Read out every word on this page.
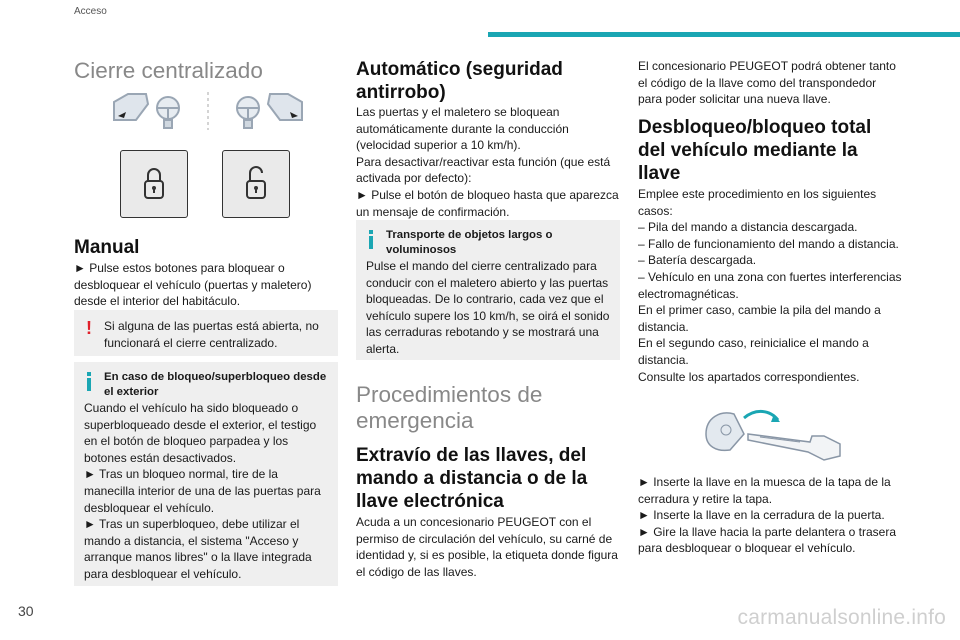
Acceso
Cierre centralizado
Manual

► Pulse estos botones para bloquear o desbloquear el vehículo (puertas y maletero) desde el interior del habitáculo.

!	Si alguna de las puertas está abierta, no funcionará el cierre centralizado.

En caso de bloqueo/superbloqueo desde el exterior

Cuando el vehículo ha sido bloqueado o superbloqueado desde el exterior, el testigo en el botón de bloqueo parpadea y los botones están desactivados.
► Tras un bloqueo normal, tire de la manecilla interior de una de las puertas para desbloquear el vehículo.
► Tras un superbloqueo, debe utilizar el mando a distancia, el sistema "Acceso y arranque manos libres" o la llave integrada para desbloquear el vehículo.

Automático (seguridad antirrobo)

Las puertas y el maletero se bloquean automáticamente durante la conducción (velocidad superior a 10 km/h).
Para desactivar/reactivar esta función (que está activada por defecto):
► Pulse el botón de bloqueo hasta que aparezca un mensaje de confirmación.

Transporte de objetos largos o voluminosos

Pulse el mando del cierre centralizado para conducir con el maletero abierto y las puertas bloqueadas. De lo contrario, cada vez que el vehículo supere los 10 km/h, se oirá el sonido las cerraduras rebotando y se mostrará una alerta.

Procedimientos de emergencia
Extravío de las llaves, del mando a distancia o de la llave electrónica

Acuda a un concesionario PEUGEOT con el permiso de circulación del vehículo, su carné de identidad y, si es posible, la etiqueta donde figura el código de las llaves.

El concesionario PEUGEOT podrá obtener tanto el código de la llave como del transpondedor para poder solicitar una nueva llave.

Desbloqueo/bloqueo total del vehículo mediante la llave

Emplee este procedimiento en los siguientes casos:
– Pila del mando a distancia descargada.
– Fallo de funcionamiento del mando a distancia.
– Batería descargada.
– Vehículo en una zona con fuertes interferencias electromagnéticas.
En el primer caso, cambie la pila del mando a distancia.
En el segundo caso, reinicialice el mando a distancia.
Consulte los apartados correspondientes.

► Inserte la llave en la muesca de la tapa de la cerradura y retire la tapa.
► Inserte la llave en la cerradura de la puerta.
► Gire la llave hacia la parte delantera o trasera para desbloquear o bloquear el vehículo.

30	carmanualsonline.info
